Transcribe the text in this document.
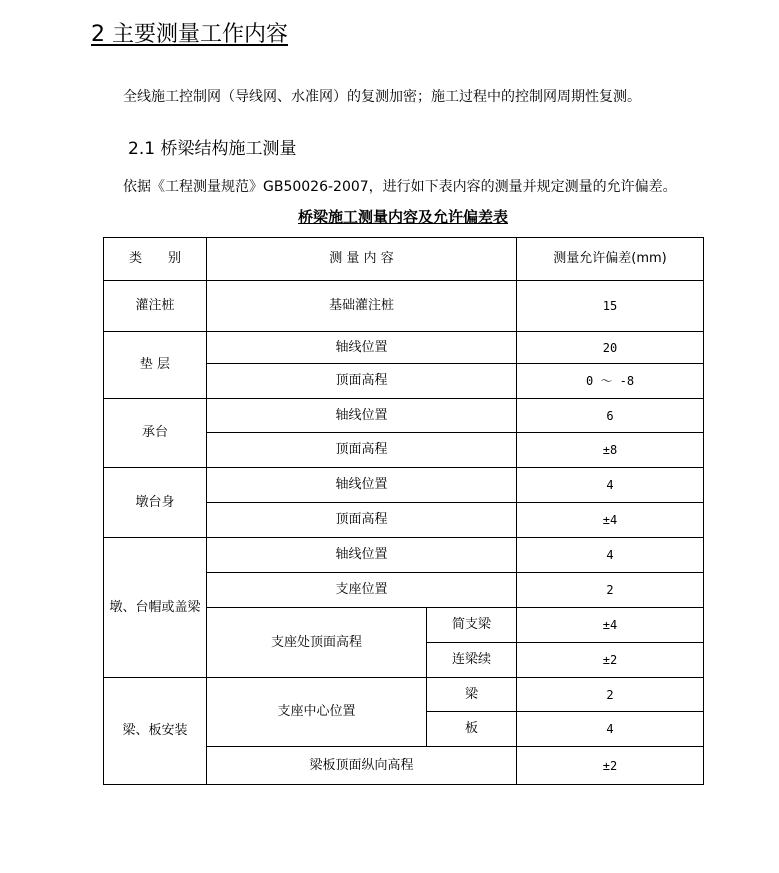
2 主要测量工作内容
全线施工控制网（导线网、水准网）的复测加密；施工过程中的控制网周期性复测。
2.1 桥梁结构施工测量
依据《工程测量规范》GB50026-2007，进行如下表内容的测量并规定测量的允许偏差。
桥梁施工测量内容及允许偏差表
类　　别	测 量 内 容		测量允许偏差(mm)
灌注桩	基础灌注桩		15
垫 层	轴线位置		20
	顶面高程		0 ～ -8
承台	轴线位置		6
	顶面高程		±8
墩台身	轴线位置		4
	顶面高程		±4
墩、台帽或盖梁	轴线位置		4
	支座位置		2
	支座处顶面高程	简支梁	±4
		连梁续	±2
梁、板安装	支座中心位置	梁	2
		板	4
	梁板顶面纵向高程		±2
